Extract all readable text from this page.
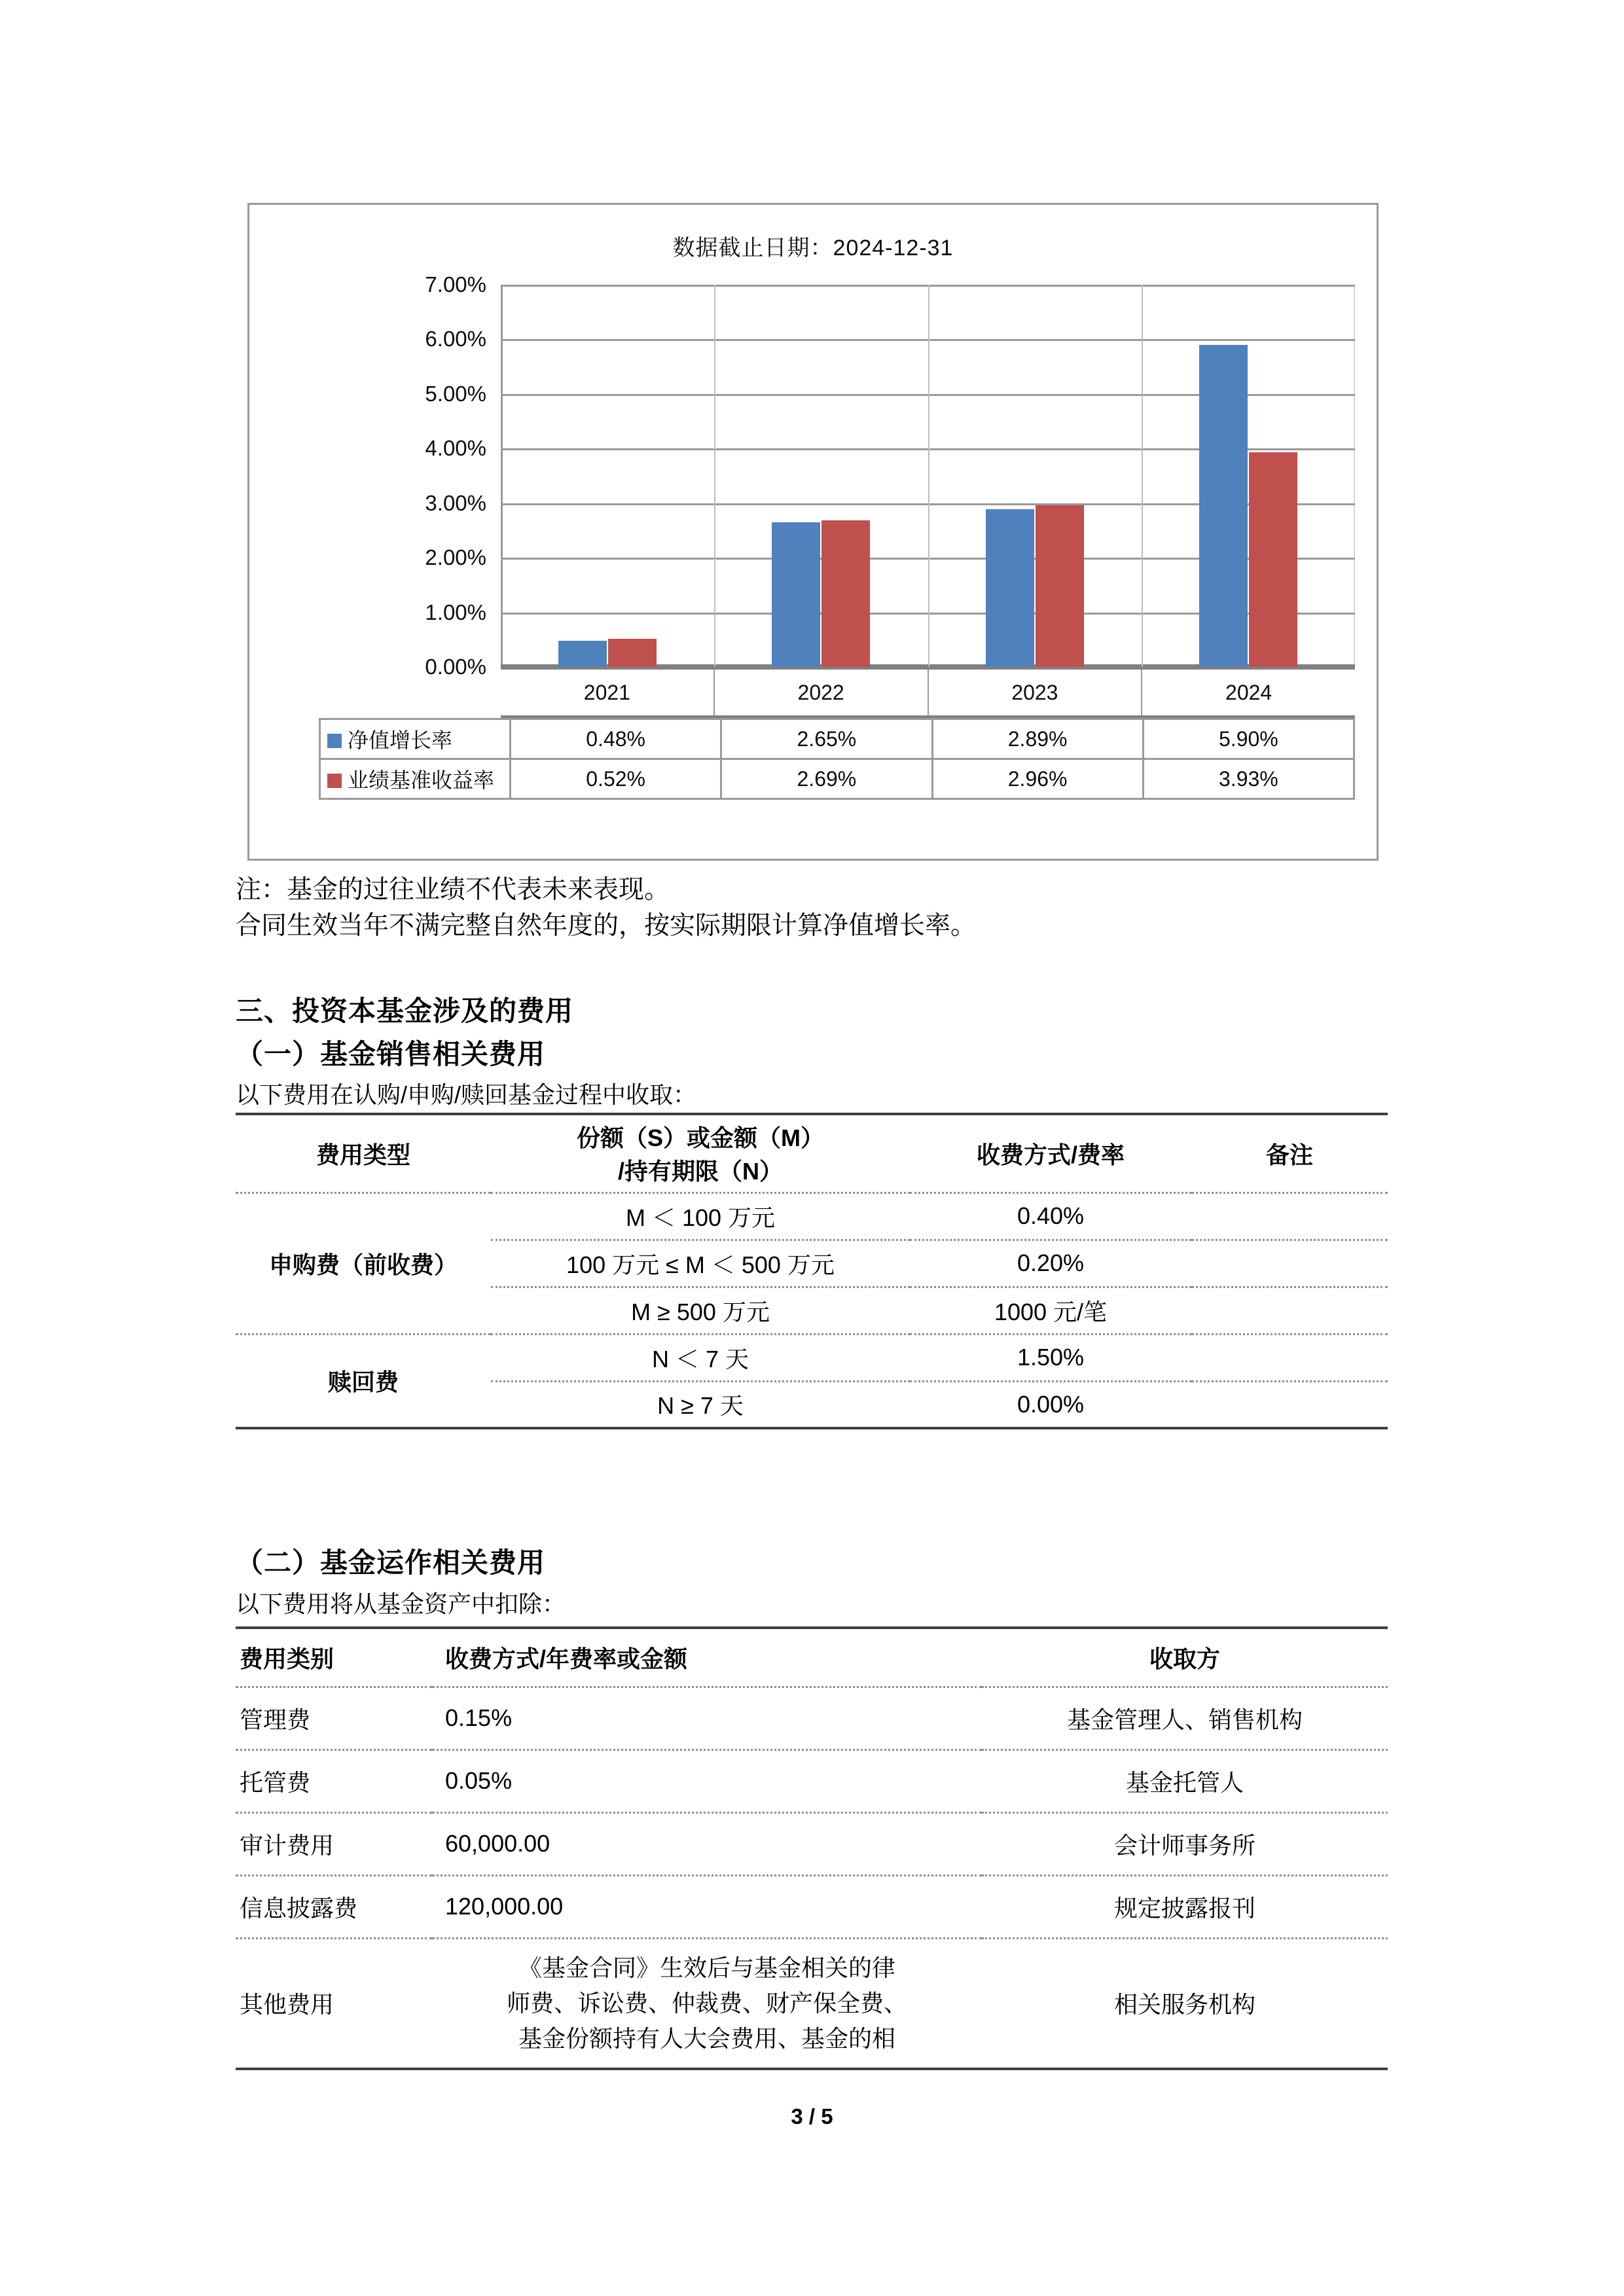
数据截止日期：2024-12-31
7.00%
6.00%
5.00%
4.00%
3.00%
2.00%
1.00%
0.00%
2021	2022	2023	2024
净值增长率	0.48%	2.65%	2.89%	5.90%
业绩基准收益率	0.52%	2.69%	2.96%	3.93%
注：基金的过往业绩不代表未来表现。
合同生效当年不满完整自然年度的，按实际期限计算净值增长率。
三、投资本基金涉及的费用
（一）基金销售相关费用
以下费用在认购/申购/赎回基金过程中收取：
费用类型	份额（S）或金额（M）
/持有期限（N）	收费方式/费率	备注
申购费（前收费）	M ＜ 100 万元	0.40%	
	100 万元 ≤ M ＜ 500 万元	0.20%	
	M ≥ 500 万元	1000 元/笔	
赎回费	N ＜ 7 天	1.50%	
	N ≥ 7 天	0.00%	
（二）基金运作相关费用
以下费用将从基金资产中扣除：
费用类别	收费方式/年费率或金额	收取方
管理费	0.15%	基金管理人、销售机构
托管费	0.05%	基金托管人
审计费用	60,000.00	会计师事务所
信息披露费	120,000.00	规定披露报刊
其他费用	《基金合同》生效后与基金相关的律
师费、诉讼费、仲裁费、财产保全费、
基金份额持有人大会费用、基金的相	相关服务机构
3 / 5
